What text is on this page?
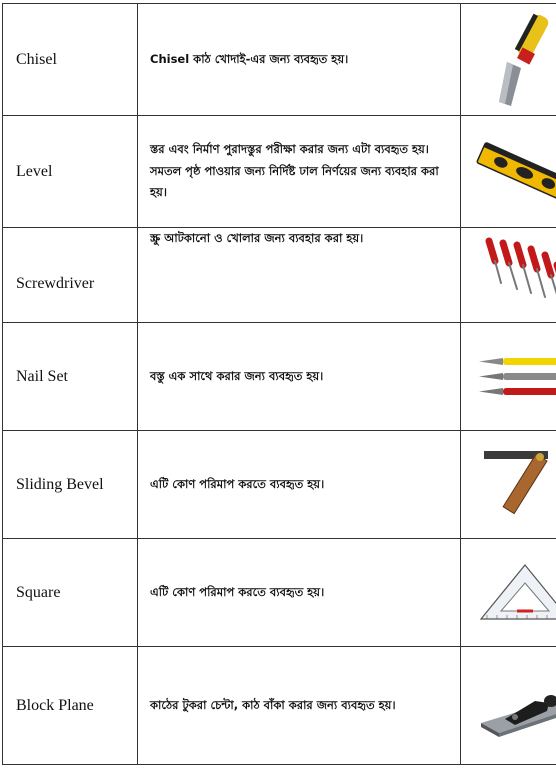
Chisel	Chisel কাঠ খোদাই-এর জন্য ব্যবহৃত হয়।	

Level	স্তর এবং নির্মাণ পুরাদস্তুর পরীক্ষা করার জন্য এটা ব্যবহৃত হয়। সমতল পৃষ্ঠ পাওয়ার জন্য নির্দিষ্ট ঢাল নির্ণয়ের জন্য ব্যবহার করা হয়।	

Screwdriver	স্ক্রু আটকানো ও খোলার জন্য ব্যবহার করা হয়।	

Nail Set	বস্তু এক সাথে করার জন্য ব্যবহৃত হয়।	

Sliding Bevel	এটি কোণ পরিমাপ করতে ব্যবহৃত হয়।	

Square	এটি কোণ পরিমাপ করতে ব্যবহৃত হয়।	

Block Plane	কাঠের টুকরা চেন্টা, কাঠ বাঁকা করার জন্য ব্যবহৃত হয়।	
